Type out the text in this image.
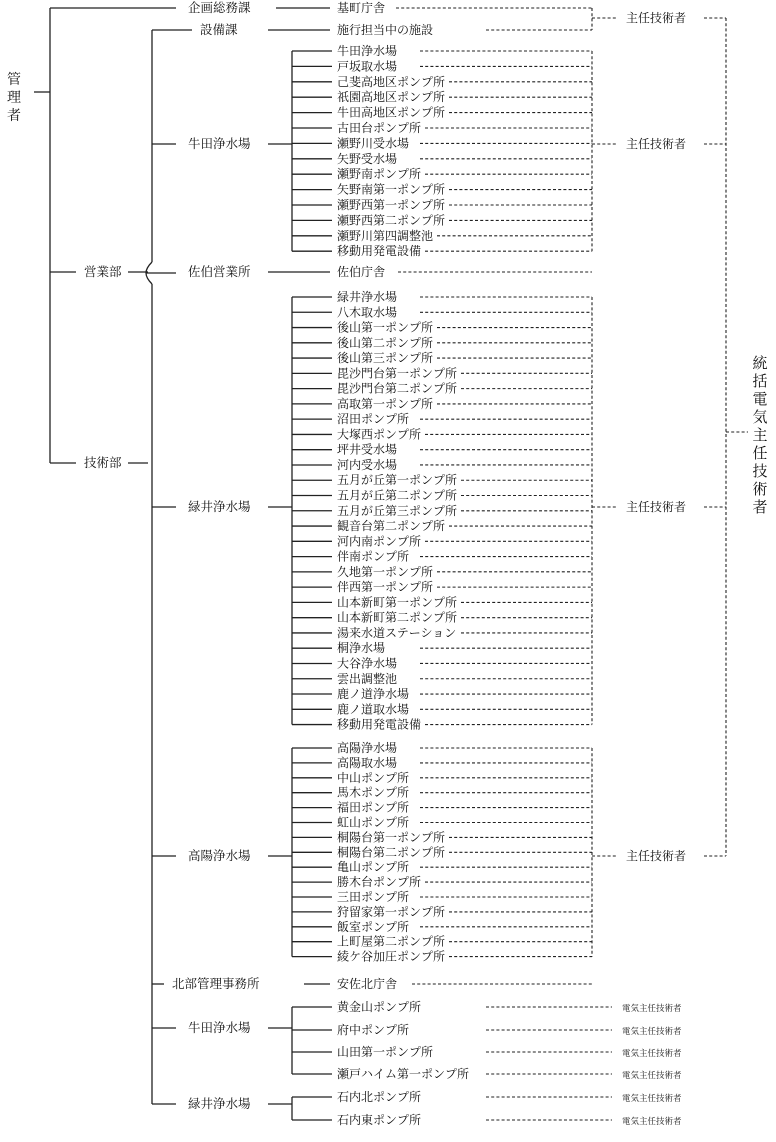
管
理
者
企画総務課
営業部
技術部
設備課
牛田浄水場
佐伯営業所
緑井浄水場
高陽浄水場
北部管理事務所
牛田浄水場
緑井浄水場
基町庁舎
施行担当中の施設
佐伯庁舎
安佐北庁舎
主任技術者
主任技術者
主任技術者
主任技術者
電気主任技術者
電気主任技術者
電気主任技術者
電気主任技術者
電気主任技術者
電気主任技術者
牛田浄水場
戸坂取水場
己斐高地区ポンプ所
祇園高地区ポンプ所
牛田高地区ポンプ所
古田台ポンプ所
瀬野川受水場
矢野受水場
瀬野南ポンプ所
矢野南第一ポンプ所
瀬野西第一ポンプ所
瀬野西第二ポンプ所
瀬野川第四調整池
移動用発電設備
緑井浄水場
八木取水場
後山第一ポンプ所
後山第二ポンプ所
後山第三ポンプ所
毘沙門台第一ポンプ所
毘沙門台第二ポンプ所
高取第一ポンプ所
沼田ポンプ所
大塚西ポンプ所
坪井受水場
河内受水場
五月が丘第一ポンプ所
五月が丘第二ポンプ所
五月が丘第三ポンプ所
観音台第二ポンプ所
河内南ポンプ所
伴南ポンプ所
久地第一ポンプ所
伴西第一ポンプ所
山本新町第一ポンプ所
山本新町第二ポンプ所
湯来水道ステーション
桐浄水場
大谷浄水場
雲出調整池
鹿ノ道浄水場
鹿ノ道取水場
移動用発電設備
高陽浄水場
高陽取水場
中山ポンプ所
馬木ポンプ所
福田ポンプ所
虹山ポンプ所
桐陽台第一ポンプ所
桐陽台第二ポンプ所
亀山ポンプ所
勝木台ポンプ所
三田ポンプ所
狩留家第一ポンプ所
飯室ポンプ所
上町屋第二ポンプ所
綾ケ谷加圧ポンプ所
黄金山ポンプ所
府中ポンプ所
山田第一ポンプ所
瀬戸ハイム第一ポンプ所
石内北ポンプ所
石内東ポンプ所
統
括
電
気
主
任
技
術
者
